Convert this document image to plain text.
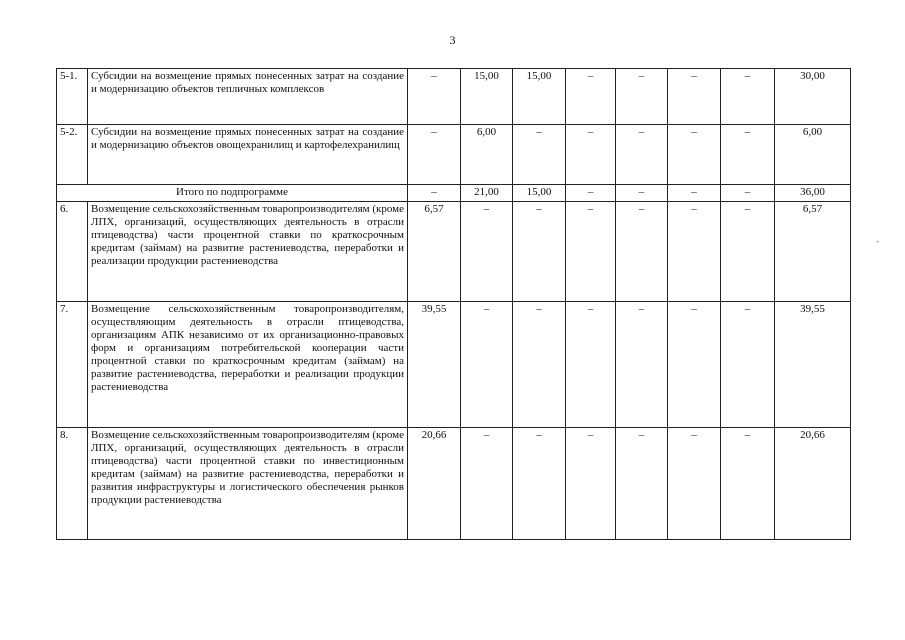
3
5-1.	Субсидии на возмещение прямых понесенных затрат на создание и модернизацию объектов тепличных комплексов	–	15,00	15,00	–	–	–	–	30,00
5-2.	Субсидии на возмещение прямых понесенных затрат на создание и модернизацию объектов овощехранилищ и картофелехранилищ	–	6,00	–	–	–	–	–	6,00
Итого по подпрограмме		–	21,00	15,00	–	–	–	–	36,00
6.	Возмещение сельскохозяйственным товаропроизводителям (кроме ЛПХ, организаций, осуществляющих деятельность в отрасли птицеводства) части процентной ставки по краткосрочным кредитам (займам) на развитие растениеводства, переработки и реализации продукции растениеводства	6,57	–	–	–	–	–	–	6,57
7.	Возмещение сельскохозяйственным товаропроизводителям, осуществляющим деятельность в отрасли птицеводства, организациям АПК независимо от их организационно-правовых форм и организациям потребительской кооперации части процентной ставки по краткосрочным кредитам (займам) на развитие растениеводства, переработки и реализации продукции растениеводства	39,55	–	–	–	–	–	–	39,55
8.	Возмещение сельскохозяйственным товаропроизводителям (кроме ЛПХ, организаций, осуществляющих деятельность в отрасли птицеводства) части процентной ставки по инвестиционным кредитам (займам) на развитие растениеводства, переработки и развития инфраструктуры и логистического обеспечения рынков продукции растениеводства	20,66	–	–	–	–	–	–	20,66
-
